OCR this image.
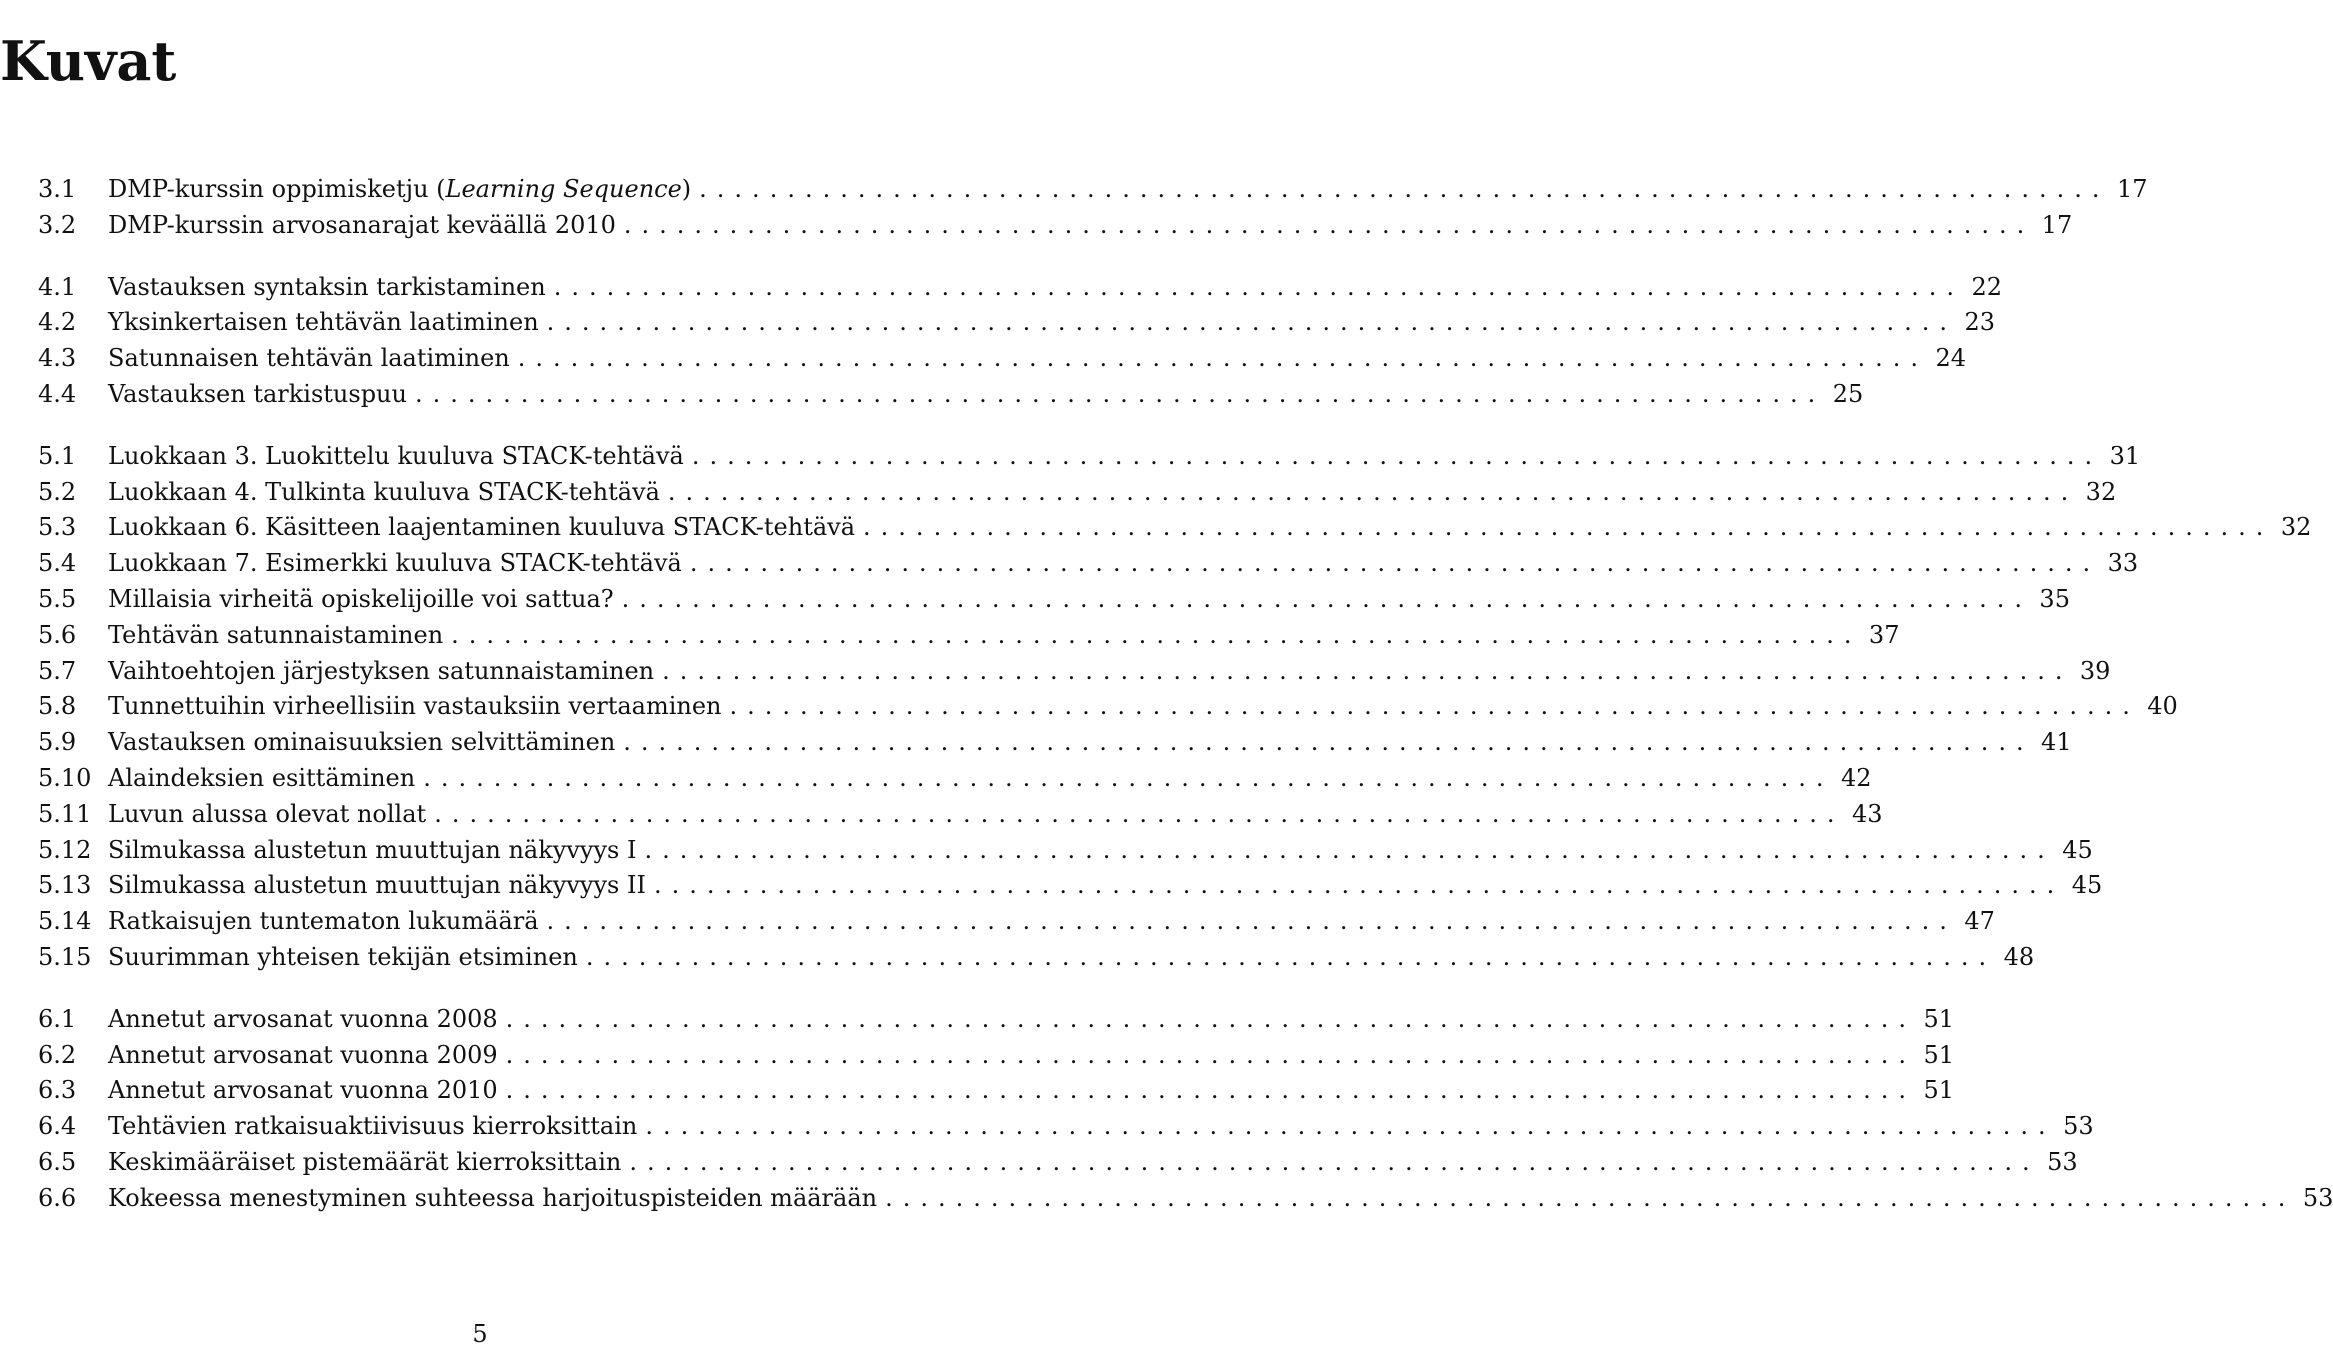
Kuvat
3.1	DMP-kurssin oppimisketju (Learning Sequence) ................................................................................ 17
3.2	DMP-kurssin arvosanarajat keväällä 2010 ................................................................................ 17
4.1	Vastauksen syntaksin tarkistaminen ................................................................................ 22
4.2	Yksinkertaisen tehtävän laatiminen ................................................................................ 23
4.3	Satunnaisen tehtävän laatiminen ................................................................................ 24
4.4	Vastauksen tarkistuspuu ................................................................................ 25
5.1	Luokkaan 3. Luokittelu kuuluva STACK-tehtävä ................................................................................ 31
5.2	Luokkaan 4. Tulkinta kuuluva STACK-tehtävä ................................................................................ 32
5.3	Luokkaan 6. Käsitteen laajentaminen kuuluva STACK-tehtävä ................................................................................ 32
5.4	Luokkaan 7. Esimerkki kuuluva STACK-tehtävä ................................................................................ 33
5.5	Millaisia virheitä opiskelijoille voi sattua? ................................................................................ 35
5.6	Tehtävän satunnaistaminen ................................................................................ 37
5.7	Vaihtoehtojen järjestyksen satunnaistaminen ................................................................................ 39
5.8	Tunnettuihin virheellisiin vastauksiin vertaaminen ................................................................................ 40
5.9	Vastauksen ominaisuuksien selvittäminen ................................................................................ 41
5.10 Alaindeksien esittäminen ................................................................................ 42
5.11 Luvun alussa olevat nollat ................................................................................ 43
5.12 Silmukassa alustetun muuttujan näkyvyys I ................................................................................ 45
5.13 Silmukassa alustetun muuttujan näkyvyys II ................................................................................ 45
5.14 Ratkaisujen tuntematon lukumäärä ................................................................................ 47
5.15 Suurimman yhteisen tekijän etsiminen ................................................................................ 48
6.1	Annetut arvosanat vuonna 2008 ................................................................................ 51
6.2	Annetut arvosanat vuonna 2009 ................................................................................ 51
6.3	Annetut arvosanat vuonna 2010 ................................................................................ 51
6.4	Tehtävien ratkaisuaktiivisuus kierroksittain ................................................................................ 53
6.5	Keskimääräiset pistemäärät kierroksittain ................................................................................ 53
6.6	Kokeessa menestyminen suhteessa harjoituspisteiden määrään ................................................................................ 53
5
